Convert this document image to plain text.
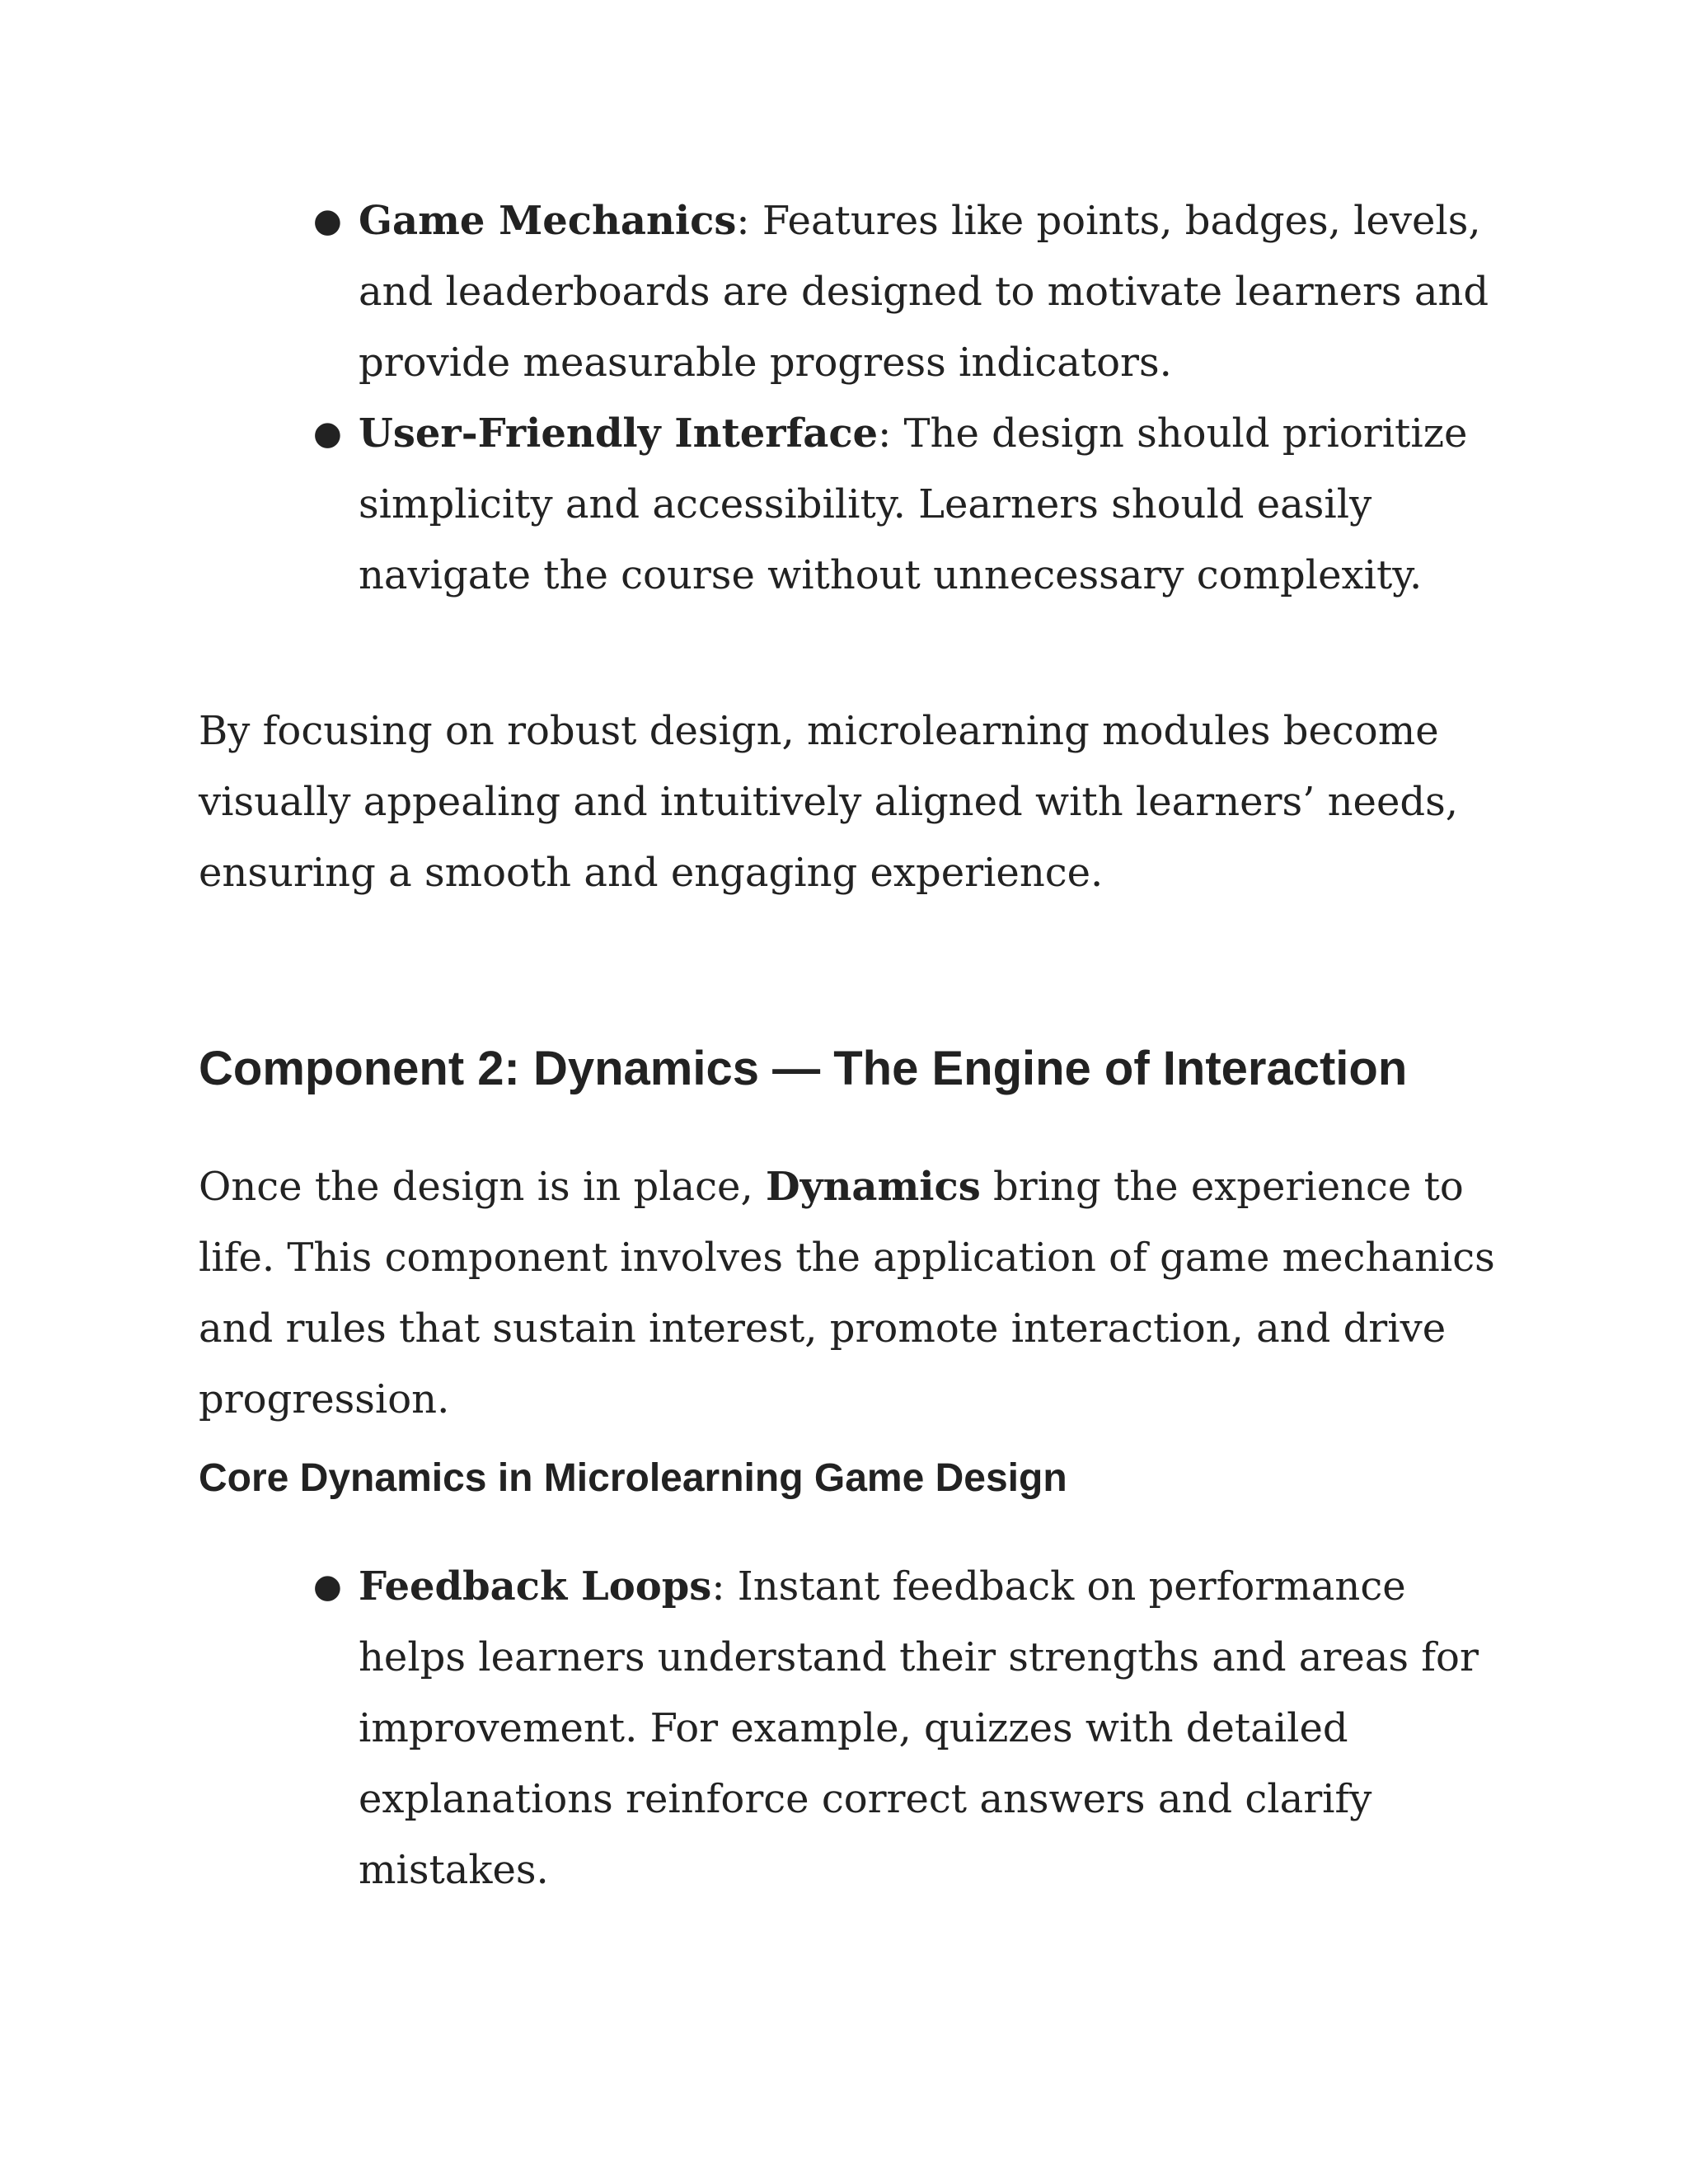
● Game Mechanics: Features like points, badges, levels, and leaderboards are designed to motivate learners and provide measurable progress indicators.
● User-Friendly Interface: The design should prioritize simplicity and accessibility. Learners should easily navigate the course without unnecessary complexity.

By focusing on robust design, microlearning modules become visually appealing and intuitively aligned with learners’ needs, ensuring a smooth and engaging experience.

Component 2: Dynamics — The Engine of Interaction

Once the design is in place, Dynamics bring the experience to life. This component involves the application of game mechanics and rules that sustain interest, promote interaction, and drive progression.

Core Dynamics in Microlearning Game Design
● Feedback Loops: Instant feedback on performance helps learners understand their strengths and areas for improvement. For example, quizzes with detailed explanations reinforce correct answers and clarify mistakes.
